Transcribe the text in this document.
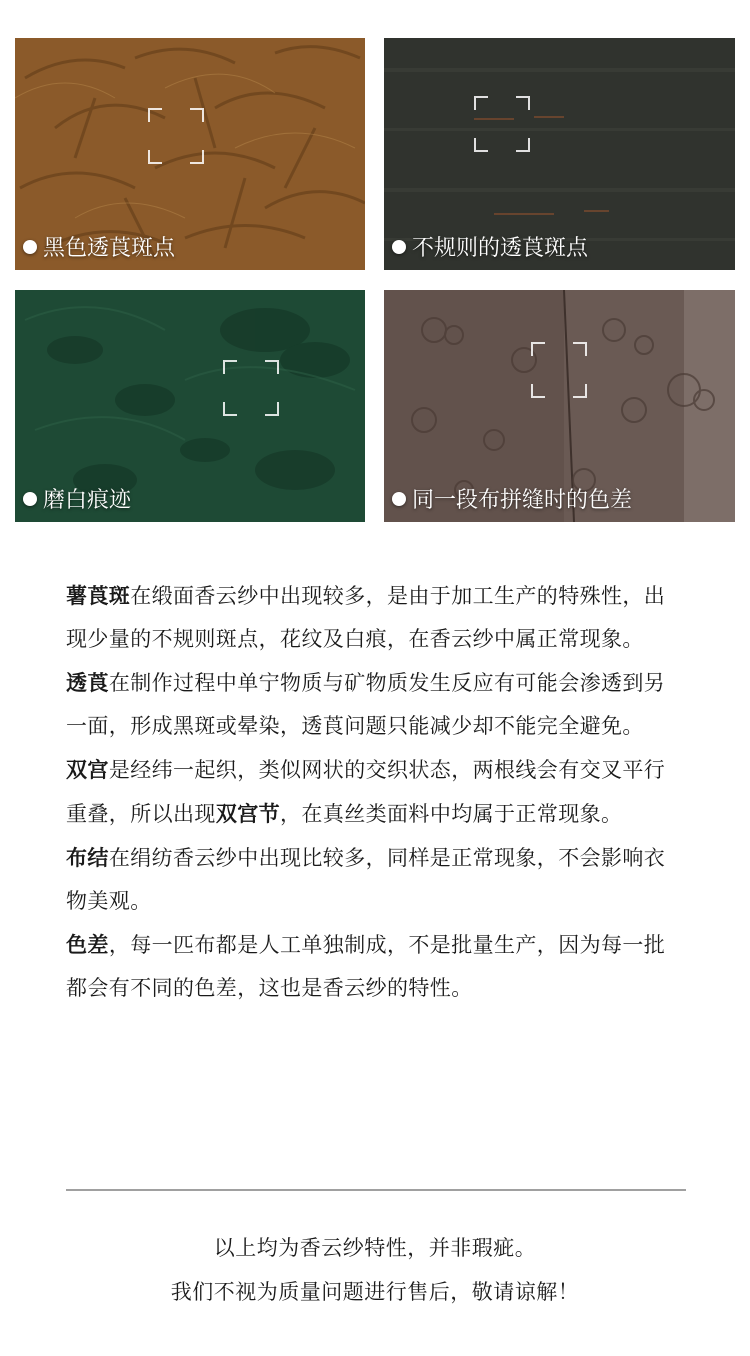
黑色透莨斑点	不规则的透莨斑点
磨白痕迹	同一段布拼缝时的色差

薯莨斑在缎面香云纱中出现较多，是由于加工生产的特殊性，出现少量的不规则斑点，花纹及白痕，在香云纱中属正常现象。

透莨在制作过程中单宁物质与矿物质发生反应有可能会渗透到另一面，形成黑斑或晕染，透莨问题只能减少却不能完全避免。

双宫是经纬一起织，类似网状的交织状态，两根线会有交叉平行重叠，所以出现双宫节，在真丝类面料中均属于正常现象。

布结在绢纺香云纱中出现比较多，同样是正常现象，不会影响衣物美观。

色差，每一匹布都是人工单独制成，不是批量生产，因为每一批都会有不同的色差，这也是香云纱的特性。

以上均为香云纱特性，并非瑕疵。

我们不视为质量问题进行售后，敬请谅解！
